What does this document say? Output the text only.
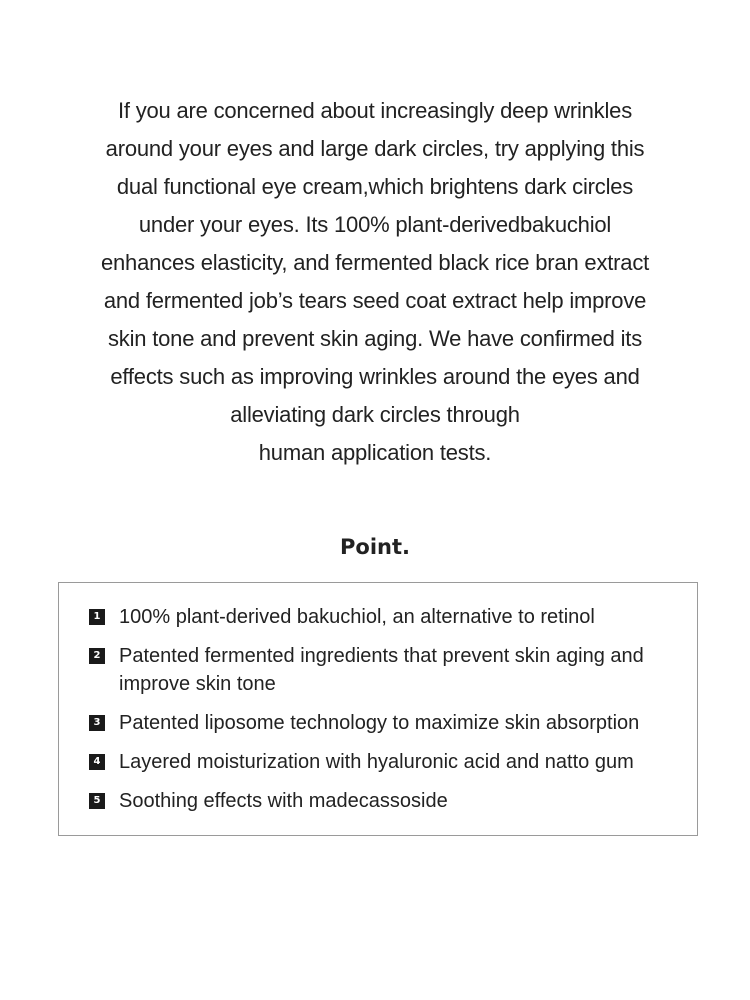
If you are concerned about increasingly deep wrinkles
around your eyes and large dark circles, try applying this
dual functional eye cream,which brightens dark circles
under your eyes. Its 100% plant-derivedbakuchiol
enhances elasticity, and fermented black rice bran extract
and fermented job’s tears seed coat extract help improve
skin tone and prevent skin aging. We have confirmed its
effects such as improving wrinkles around the eyes and
alleviating dark circles through
human application tests.
Point.
1 100% plant-derived bakuchiol, an alternative to retinol
2 Patented fermented ingredients that prevent skin aging and improve skin tone
3 Patented liposome technology to maximize skin absorption
4 Layered moisturization with hyaluronic acid and natto gum
5 Soothing effects with madecassoside
